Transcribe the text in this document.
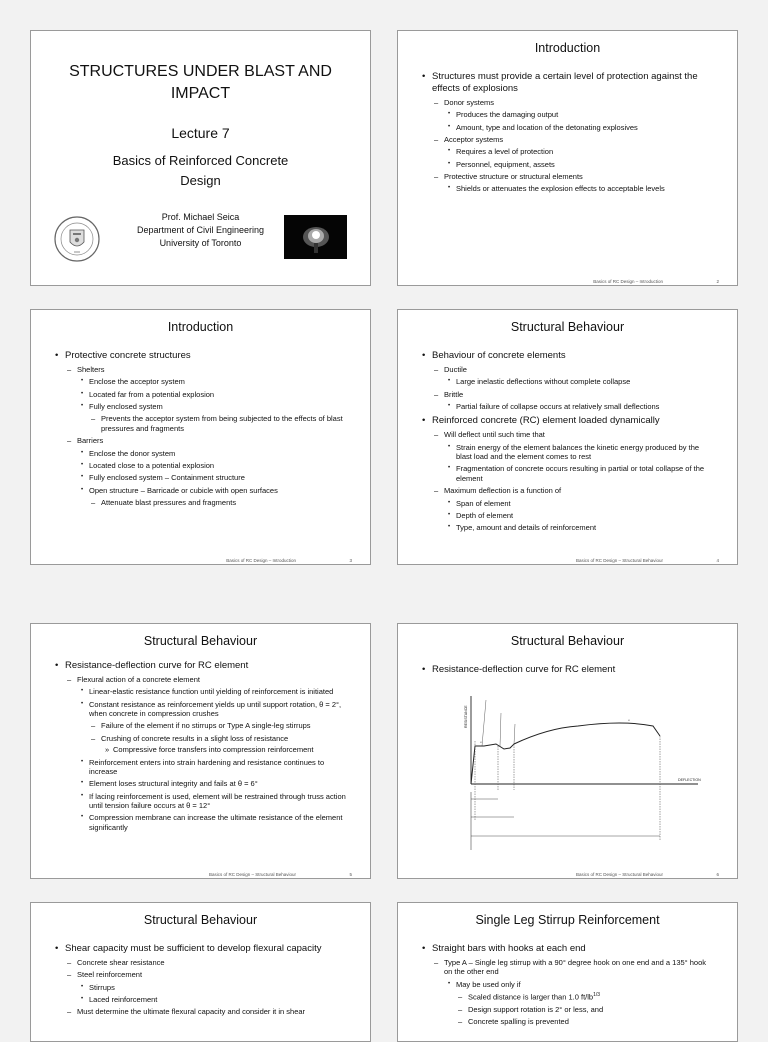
STRUCTURES UNDER BLAST AND
IMPACT
Lecture 7
Basics of Reinforced Concrete
Design
Prof. Michael Seica
Department of Civil Engineering
University of Toronto
Introduction
• Structures must provide a certain level of protection against the effects of explosions
– Donor systems
• Produces the damaging output
• Amount, type and location of the detonating explosives
– Acceptor systems
• Requires a level of protection
• Personnel, equipment, assets
– Protective structure or structural elements
• Shields or attenuates the explosion effects to acceptable levels
Basics of RC Design – Introduction	2
Introduction
• Protective concrete structures
– Shelters
• Enclose the acceptor system
• Located far from a potential explosion
• Fully enclosed system
– Prevents the acceptor system from being subjected to the effects of blast pressures and fragments
– Barriers
• Enclose the donor system
• Located close to a potential explosion
• Fully enclosed system – Containment structure
• Open structure – Barricade or cubicle with open surfaces
– Attenuate blast pressures and fragments
Basics of RC Design – Introduction	3
Structural Behaviour
• Behaviour of concrete elements
– Ductile
• Large inelastic deflections without complete collapse
– Brittle
• Partial failure of collapse occurs at relatively small deflections
• Reinforced concrete (RC) element loaded dynamically
– Will deflect until such time that
• Strain energy of the element balances the kinetic energy produced by the blast load and the element comes to rest
• Fragmentation of concrete occurs resulting in partial or total collapse of the element
– Maximum deflection is a function of
• Span of element
• Depth of element
• Type, amount and details of reinforcement
Basics of RC Design – Structural Behaviour	4
Structural Behaviour
• Resistance-deflection curve for RC element
– Flexural action of a concrete element
• Linear-elastic resistance function until yielding of reinforcement is initiated
• Constant resistance as reinforcement yields up until support rotation, θ = 2°, when concrete in compression crushes
– Failure of the element if no stirrups or Type A single-leg stirrups
– Crushing of concrete results in a slight loss of resistance
» Compressive force transfers into compression reinforcement
• Reinforcement enters into strain hardening and resistance continues to increase
• Element loses structural integrity and fails at θ = 6°
• If lacing reinforcement is used, element will be restrained through truss action until tension failure occurs at θ = 12°
• Compression membrane can increase the ultimate resistance of the element significantly
Basics of RC Design – Structural Behaviour	5
Structural Behaviour
• Resistance-deflection curve for RC element
RESISTANCE
DEFLECTION
$_u$
$_u$
Basics of RC Design – Structural Behaviour	6
Structural Behaviour
• Shear capacity must be sufficient to develop flexural capacity
– Concrete shear resistance
– Steel reinforcement
• Stirrups
• Laced reinforcement
– Must determine the ultimate flexural capacity and consider it in shear
Single Leg Stirrup Reinforcement
• Straight bars with hooks at each end
– Type A – Single leg stirrup with a 90° degree hook on one end and a 135° hook on the other end
• May be used only if
– Scaled distance is larger than 1.0 $ft/lb^{1/3}$
– Design support rotation is 2° or less, and
– Concrete spalling is prevented
